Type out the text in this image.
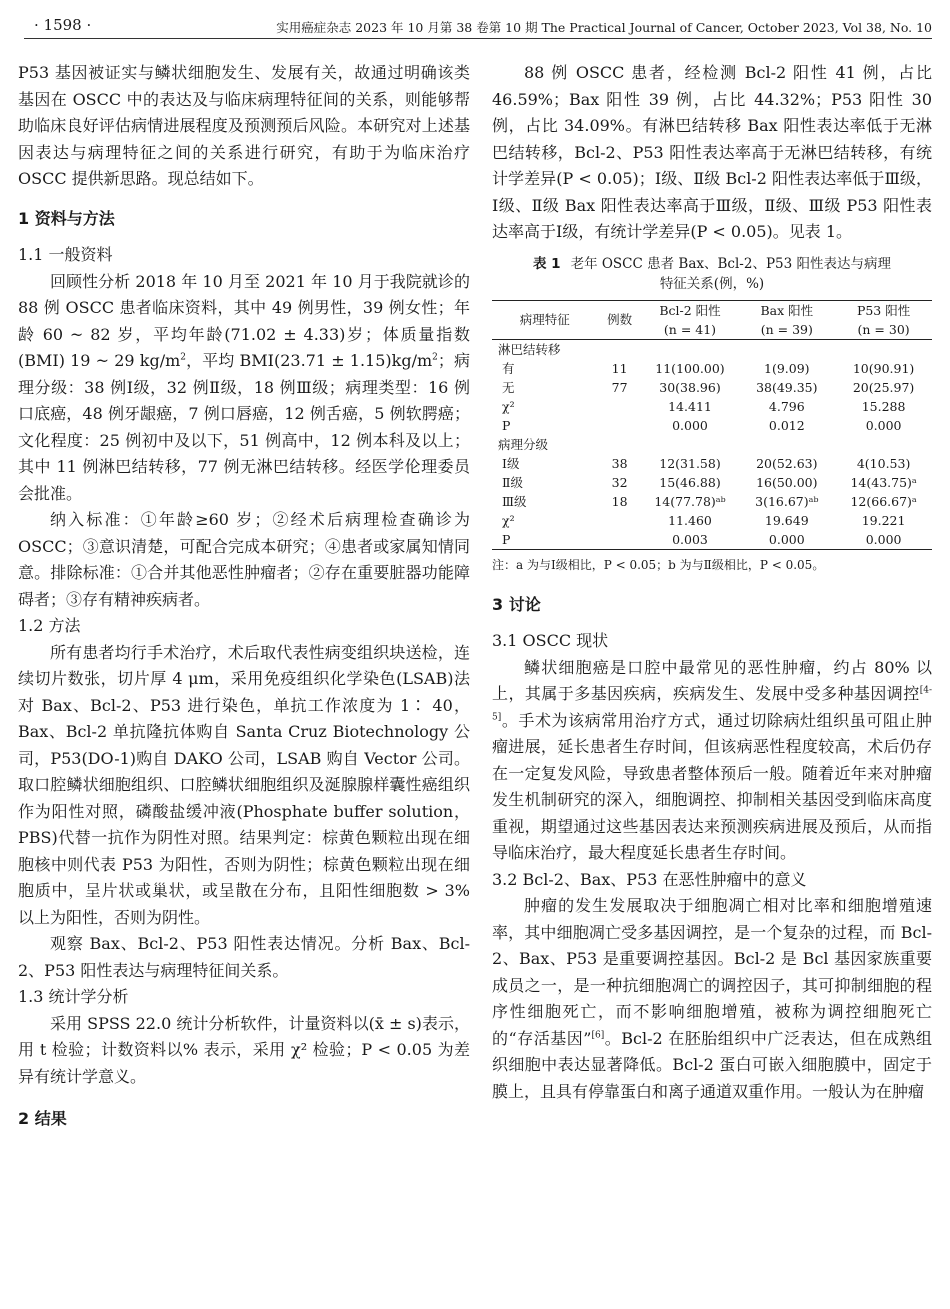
· 1598 ·	实用癌症杂志 2023 年 10 月第 38 卷第 10 期 The Practical Journal of Cancer, October 2023, Vol 38, No. 10

P53 基因被证实与鳞状细胞发生、发展有关，故通过明确该类基因在 OSCC 中的表达及与临床病理特征间的关系，则能够帮助临床良好评估病情进展程度及预测预后风险。本研究对上述基因表达与病理特征之间的关系进行研究，有助于为临床治疗 OSCC 提供新思路。现总结如下。

1 资料与方法
1.1 一般资料

回顾性分析 2018 年 10 月至 2021 年 10 月于我院就诊的 88 例 OSCC 患者临床资料，其中 49 例男性，39 例女性；年龄 60 ~ 82 岁，平均年龄(71.02 ± 4.33)岁；体质量指数(BMI) 19 ~ 29 $kg/m^2$，平均 $BMI(23.71 \pm 1.15)kg/m^2$；病理分级：38 例Ⅰ级，32 例Ⅱ级，18 例Ⅲ级；病理类型：16 例口底癌，48 例牙龈癌，7 例口唇癌，12 例舌癌，5 例软腭癌；文化程度：25 例初中及以下，51 例高中，12 例本科及以上；其中 11 例淋巴结转移，77 例无淋巴结转移。经医学伦理委员会批准。

纳入标准：①年龄≥60 岁；②经术后病理检查确诊为 OSCC；③意识清楚，可配合完成本研究；④患者或家属知情同意。排除标准：①合并其他恶性肿瘤者；②存在重要脏器功能障碍者；③存有精神疾病者。

1.2 方法

所有患者均行手术治疗，术后取代表性病变组织块送检，连续切片数张，切片厚 4 μm，采用免疫组织化学染色(LSAB)法对 Bax、Bcl-2、P53 进行染色，单抗工作浓度为 1∶ 40，Bax、Bcl-2 单抗隆抗体购自 Santa Cruz Biotechnology 公司，P53(DO-1)购自 DAKO 公司，LSAB 购自 Vector 公司。取口腔鳞状细胞组织、口腔鳞状细胞组织及涎腺腺样囊性癌组织作为阳性对照，磷酸盐缓冲液(Phosphate buffer solution，PBS)代替一抗作为阴性对照。结果判定：棕黄色颗粒出现在细胞核中则代表 P53 为阳性，否则为阴性；棕黄色颗粒出现在细胞质中，呈片状或巢状，或呈散在分布，且阳性细胞数 > 3% 以上为阳性，否则为阴性。

观察 Bax、Bcl-2、P53 阳性表达情况。分析 Bax、Bcl-2、P53 阳性表达与病理特征间关系。

1.3 统计学分析

采用 SPSS 22.0 统计分析软件，计量资料以(x̄ ± s)表示，用 t 检验；计数资料以% 表示，采用 χ² 检验；P < 0.05 为差异有统计学意义。

2 结果

88 例 OSCC 患者，经检测 Bcl-2 阳性 41 例，占比 46.59%；Bax 阳性 39 例，占比 44.32%；P53 阳性 30 例，占比 34.09%。有淋巴结转移 Bax 阳性表达率低于无淋巴结转移，Bcl-2、P53 阳性表达率高于无淋巴结转移，有统计学差异(P < 0.05)；Ⅰ级、Ⅱ级 Bcl-2 阳性表达率低于Ⅲ级，Ⅰ级、Ⅱ级 Bax 阳性表达率高于Ⅲ级，Ⅱ级、Ⅲ级 P53 阳性表达率高于Ⅰ级，有统计学差异(P < 0.05)。见表 1。

表 1 老年 OSCC 患者 Bax、Bcl-2、P53 阳性表达与病理
特征关系(例，%)
病理特征	例数	Bcl-2 阳性	Bax 阳性	P53 阳性
		(n = 41)	(n = 39)	(n = 30)
淋巴结转移				
有	11	11(100.00)	1(9.09)	10(90.91)
无	77	30(38.96)	38(49.35)	20(25.97)
χ²		14.411	4.796	15.288
P		0.000	0.012	0.000
病理分级				
Ⅰ级	38	12(31.58)	20(52.63)	4(10.53)
Ⅱ级	32	15(46.88)	16(50.00)	14(43.75)ᵃ
Ⅲ级	18	14(77.78)ᵃᵇ	3(16.67)ᵃᵇ	12(66.67)ᵃ
χ²		11.460	19.649	19.221
P		0.003	0.000	0.000

注：a 为与Ⅰ级相比，P < 0.05；b 为与Ⅱ级相比，P < 0.05。

3 讨论
3.1 OSCC 现状

鳞状细胞癌是口腔中最常见的恶性肿瘤，约占 80% 以上，其属于多基因疾病，疾病发生、发展中受多种基因调控[4-5]。手术为该病常用治疗方式，通过切除病灶组织虽可阻止肿瘤进展，延长患者生存时间，但该病恶性程度较高，术后仍存在一定复发风险，导致患者整体预后一般。随着近年来对肿瘤发生机制研究的深入，细胞调控、抑制相关基因受到临床高度重视，期望通过这些基因表达来预测疾病进展及预后，从而指导临床治疗，最大程度延长患者生存时间。

3.2 Bcl-2、Bax、P53 在恶性肿瘤中的意义

肿瘤的发生发展取决于细胞凋亡相对比率和细胞增殖速率，其中细胞凋亡受多基因调控，是一个复杂的过程，而 Bcl-2、Bax、P53 是重要调控基因。Bcl-2 是 Bcl 基因家族重要成员之一，是一种抗细胞凋亡的调控因子，其可抑制细胞的程序性细胞死亡，而不影响细胞增殖，被称为调控细胞死亡的“存活基因”[6]。Bcl-2 在胚胎组织中广泛表达，但在成熟组织细胞中表达显著降低。Bcl-2 蛋白可嵌入细胞膜中，固定于膜上，且具有停靠蛋白和离子通道双重作用。一般认为在肿瘤
